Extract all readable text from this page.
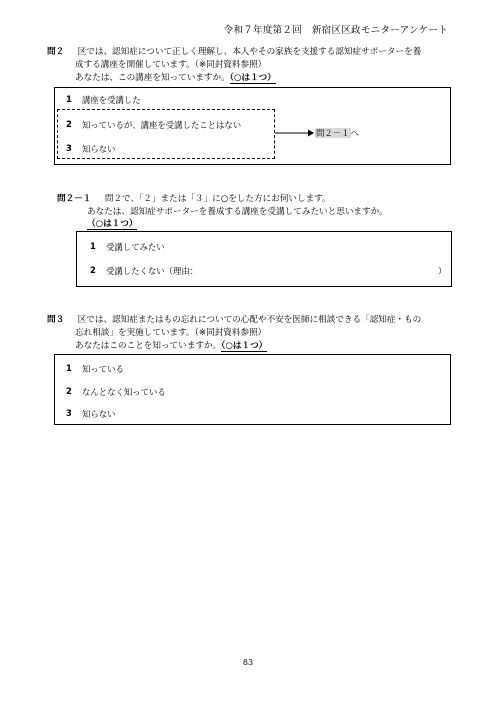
令和７年度第２回　新宿区区政モニターアンケート
問２ 区では、認知症について正しく理解し、本人やその家族を支援する認知症サポーターを養
成する講座を開催しています。（※同封資料参照）
あなたは、この講座を知っていますか。（○は１つ）
1	講座を受講した
2	知っているが、講座を受講したことはない
3	知らない
問２－１へ
問２－１ 問２で、「２」または「３」に○をした方にお伺いします。
あなたは、認知症サポーターを養成する講座を受講してみたいと思いますか。
（○は１つ）
1	受講してみたい
2	受講したくない（理由：	）
問３ 区では、認知症またはもの忘れについての心配や不安を医師に相談できる「認知症・もの
忘れ相談」を実施しています。（※同封資料参照）
あなたはこのことを知っていますか。（○は１つ）
1	知っている
2	なんとなく知っている
3	知らない
83
